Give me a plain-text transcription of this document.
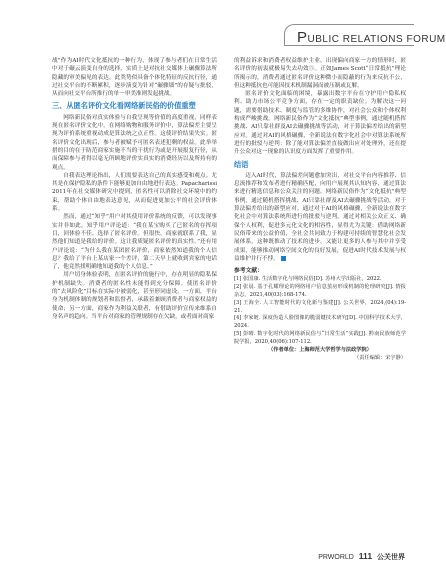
PUBLIC RELATIONS FORUM

战”作为AI时代文化抵抗的一种行为，体现了参与者们在日常生活中对于碾云演变自身的选择。实质上是对抗社交媒体上碾骤算法所隐藏的审美偏见的表达。此类势似具备个体化特征的反抗行径，通过社交平台的不断累积，逐步演变为针对“碾骤墙”的存疑与批驳，从而向社交平台所推行的单一审美准则发起挑战。

三、从匿名评价文化看网络新民俗的价值重塑

网络新民俗对真实体验与自我呈现等价值的高度重视，同样表现在匿名评价文化中。在网络购物和服务评价中，算法偏差主要呈现为评价系统重视动成是算法统之点正性。这使评价结果失实。匿名评价文化出现后，参与者被赋予可匿名表述犯剩的权益。此举举措的目的在于防范商家实施不当的干扰行为或是开展报复行径，从而保障参与者得以毫无所顾地评价实真实的消费经历以及所持有的观点。

自我表达理论指出，人们需要表达自己的真实感受和观点。尤其是在保护隐私的条件下能够更加自由地进行表达。Papacharissi 2011年在社交媒体研究中提到，匿名性可以消除社交环境中的约束，帮助个体自由地表达意见，从而促进更加公平的社会评价体系。

然而，通过“知乎”用户对其使用评价系统的反馈，可以发现事实并非如此。知乎用户评论道：“我在某宝购买了已匿名的存挥项目，回体验不佳。选择了匿名评价。但很快，商家就联系了我，显然他们知道是我给的评价。这让我质疑匿名评价的真实性。”还有用户评论说：“为什么我在某团匿名评价，商家依然知道我的个人信息？我给了平台上某店家一个差评，第二天早上就收到宾家的电话了，他竟然找明确地知道我的个人信息。”

用户切身体验表明，在匿名评价的施行中，存在明显的隐私保护机制缺失。消费者的匿名性未能得到充分保障。使匿名评价的“去风险化”目标在实际中被弱化，甚至形同虚设。一方面，平台身为机制体制的规划者和监督者，承载着兼顾消费者与商家权益的使命；另一方面，商家作为利益关联者，有借助评价宣传来维系自身名声的趋向。当平台对商家的管理规制存在欠缺，或者面对商家

的利益诉求和消费者权益维护主业，出现偏向商家一方的情形时，匿名评价的初衷就极易失去功效⑤。正如James Scott“日常抵抗”理论所揭示的，消费者通过匿名评价这种微小而隐蔽的行为来反抗不公，但这种抵抗也可能因技术机制漏洞而被压制或瓦解。

匿名评价文化面临的困境，暴露出数字平台在守护用户隐私权利、助力市场公平竞争方面，存在一定的职责缺位。为解决这一问题，需要借助技术、制度与监管的多维协作，对社会公众和个体权利构成严峻挑战。网络新民俗作为“文化抵抗”典型事例，通过随机搭挥挑战、AI只靠社群及AI去碾骤挑战等活动，对于算法偏差给出的新型应对。通过对AI的风格碾骤，全新说法在数字化社会中对算法系统所进行的批驳与逆判：除了能对算法偏差直接做出应对处理外，还在提升公众对这一现象的认识度方面发挥了重要作用。

结语

迈入AI时代，算法偏差问题愈加突出，对社交平台内容推荐、信息流推荐和发布者进行精确匹配，向用户展现其认知内容，通过算法来进行精选信息和公众关注的问题。网络新民俗作为“文化抵抗”典型事例，通过随机搭挥挑战、AI只靠社群及AI去碾骤挑战等活动，对于算法偏差给出的新型应对。通过对于AI的风格碾骤，全新说法在数字化社会中对算法系统所进行的批驳与逆判。通过对相关公众正义、确保个人权利，促进多元化文化的相容性，显得尤为关键：借助网络新民俗带来的公益价值，全社会共同致力于构建可持续的智慧化社会发展体系。这种既推动了技术的进步，又能让更多的人参与其中并享受成果，能够推动网络空间文化的良好发展，促进AI时代技术发展与权益维护并行不悖。

参考文献：

[1] 张国康. 生活数字化与网络民俗[D]. 苏州大学出版社，2022.

[2] 张晨. 基于孔耀理论的网络用户信息茧房形成机制的伦理研究[J]. 情报杂志，2021,40(03):168-174.

[3] 王海全. 人工智能时代的文化新与鉴建[J]. 公关世界，2024,(04):19-21.

[4] 李家链. 深度伪造人脸图像的脆弱键技术研究[D]. 中国科学技术大学，2024.

[5] 彭晴. 数字化时代的网络新民俗与“日常生活”实践[J]. 黔南民族师范学院学报，2020,40(06):107-112.

（作者单位：上海师范大学哲学与法政学院）

（责任编辑：宋宇静）

PRWORLD 111 公关世界
